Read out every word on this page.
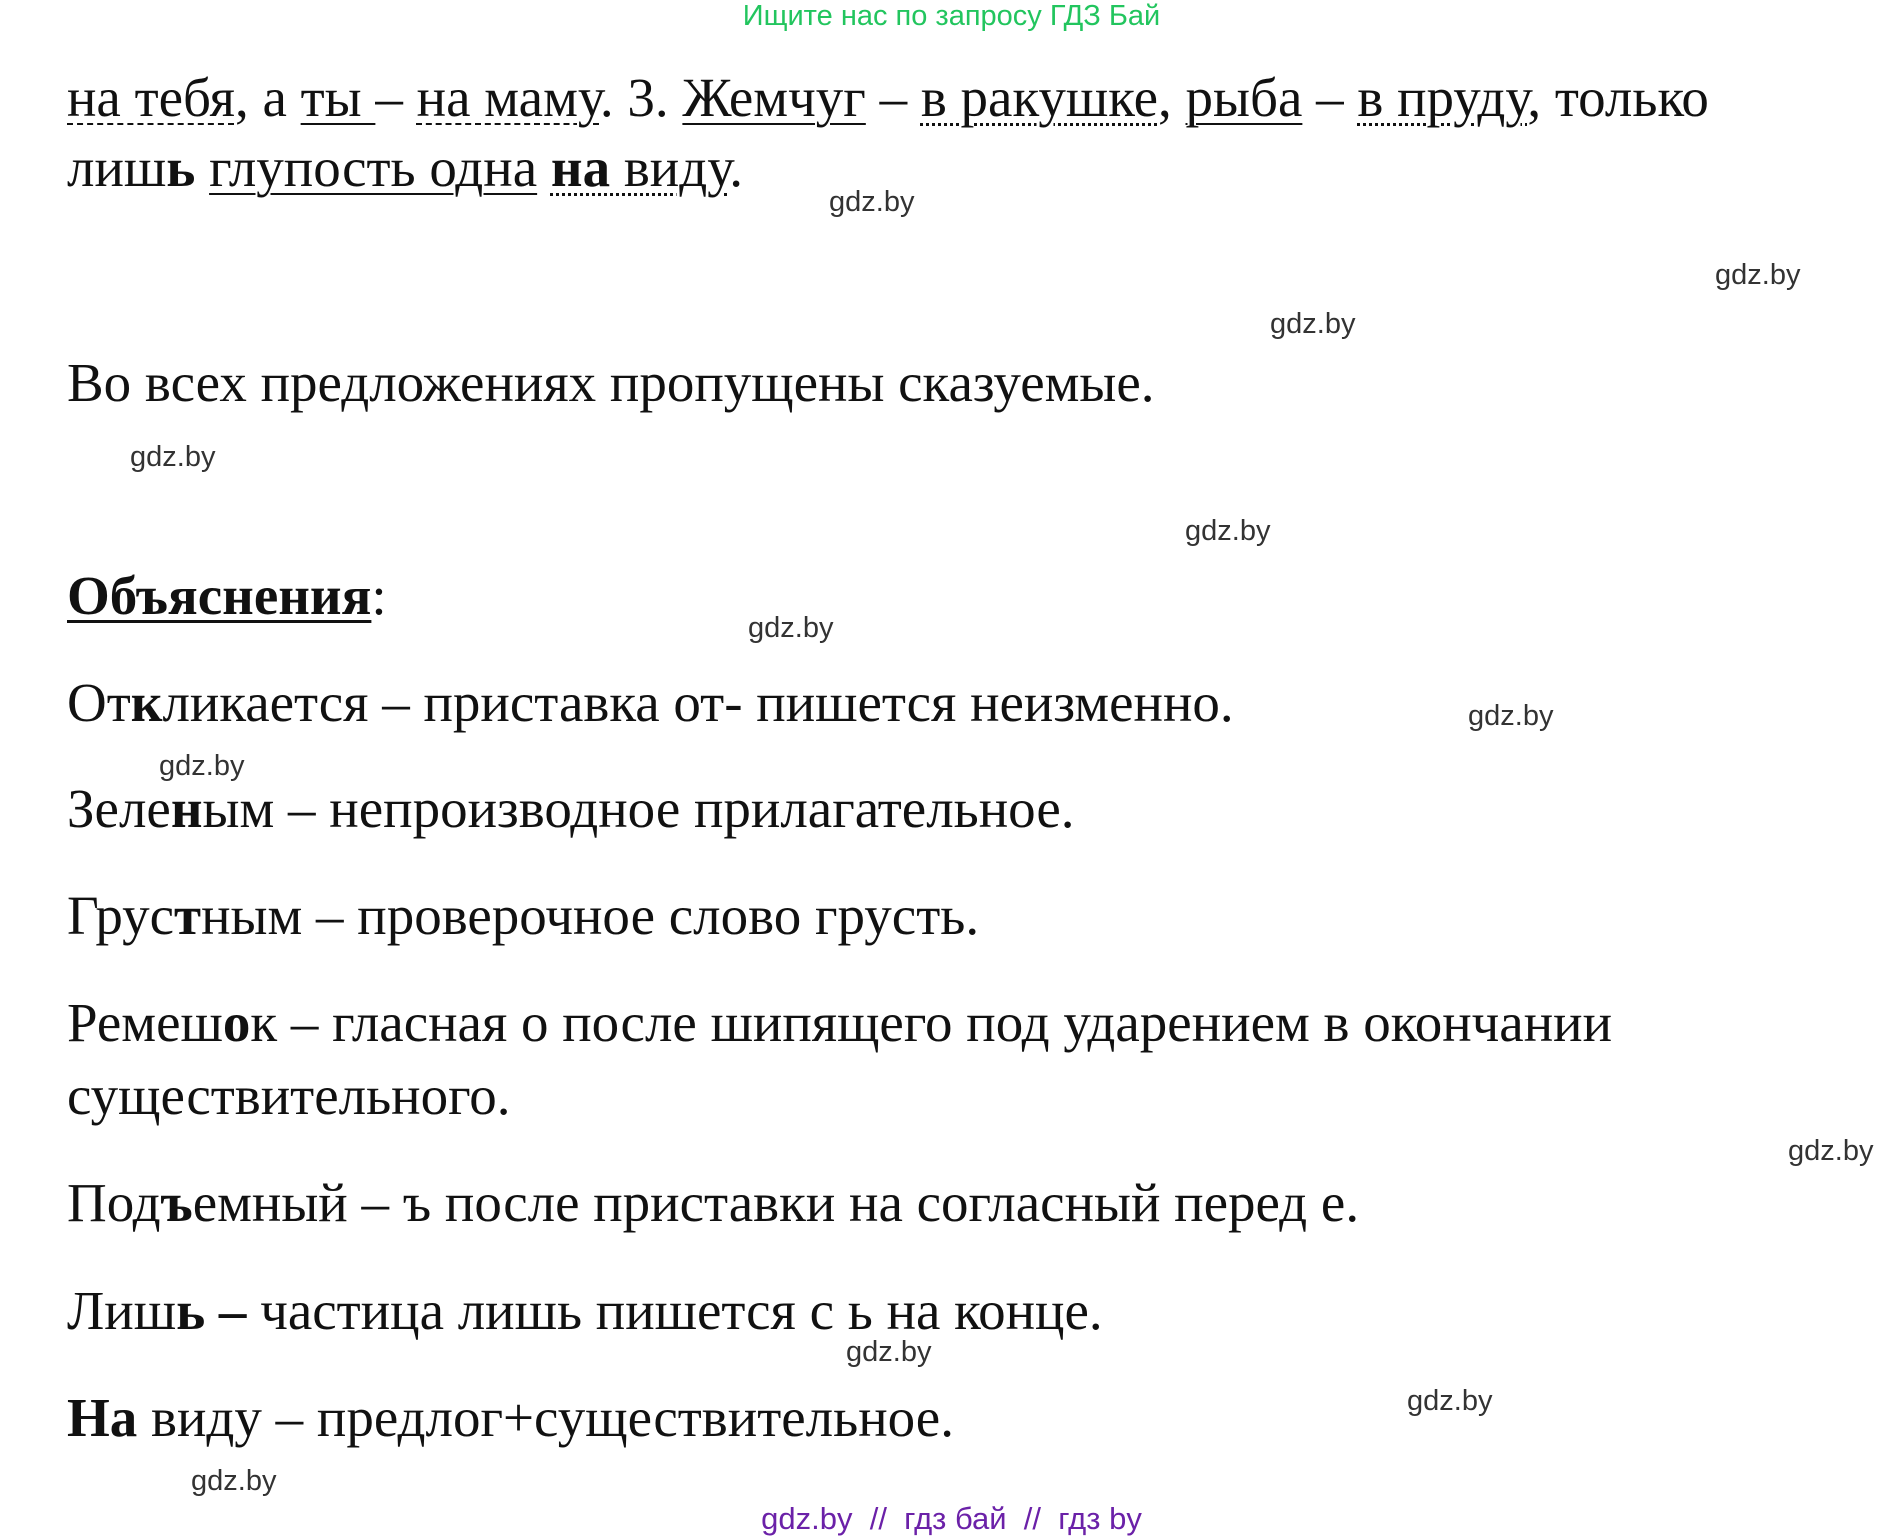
Ищите нас по запросу ГДЗ Бай
на тебя, а ты – на маму. 3. Жемчуг – в ракушке, рыба – в пруду, только
лишь глупость одна на виду.
Во всех предложениях пропущены сказуемые.
Объяснения:
Откликается – приставка от- пишется неизменно.
Зеленым – непроизводное прилагательное.
Грустным – проверочное слово грусть.
Ремешок – гласная о после шипящего под ударением в окончании
существительного.
Подъемный – ъ после приставки на согласный перед е.
Лишь – частица лишь пишется с ь на конце.
На виду – предлог+существительное.
gdz.by
gdz.by
gdz.by
gdz.by
gdz.by
gdz.by
gdz.by
gdz.by
gdz.by
gdz.by
gdz.by
gdz.by
gdz.by  //  гдз бай  //  гдз by
